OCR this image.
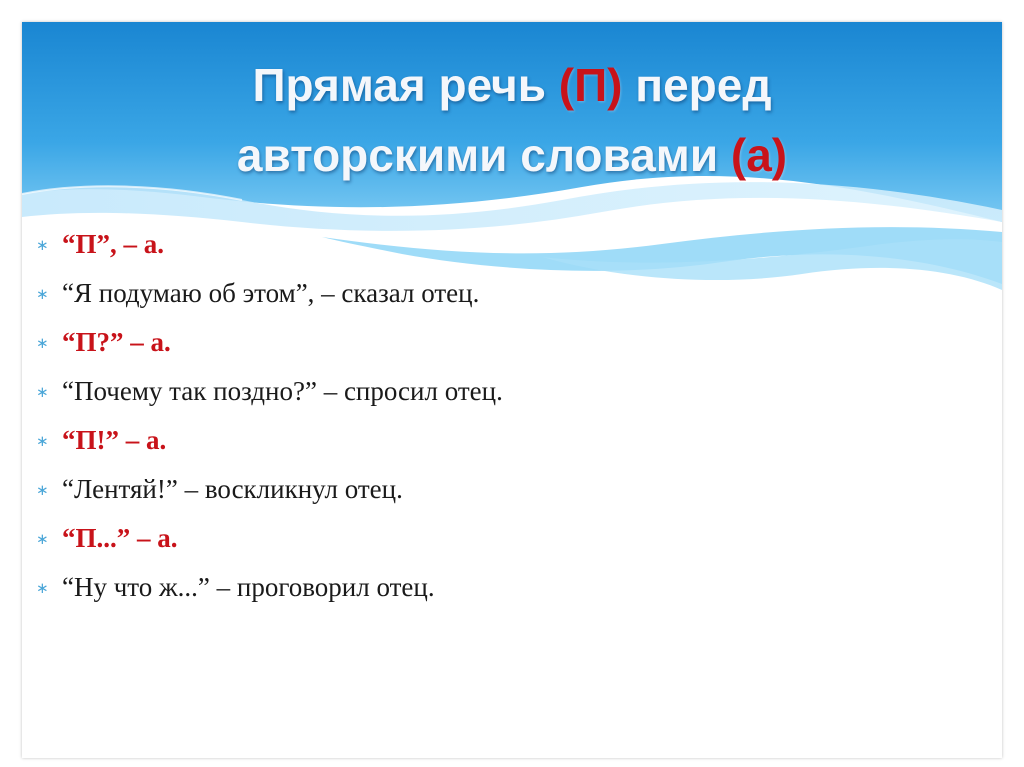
Прямая речь (П) перед
авторскими словами (а)
∗ “П”, – а.
∗ “Я подумаю об этом”, – сказал отец.
∗ “П?” – а.
∗ “Почему так поздно?” – спросил отец.
∗ “П!” – а.
∗ “Лентяй!” – воскликнул отец.
∗ “П...” – а.
∗ “Ну что ж...” – проговорил отец.
